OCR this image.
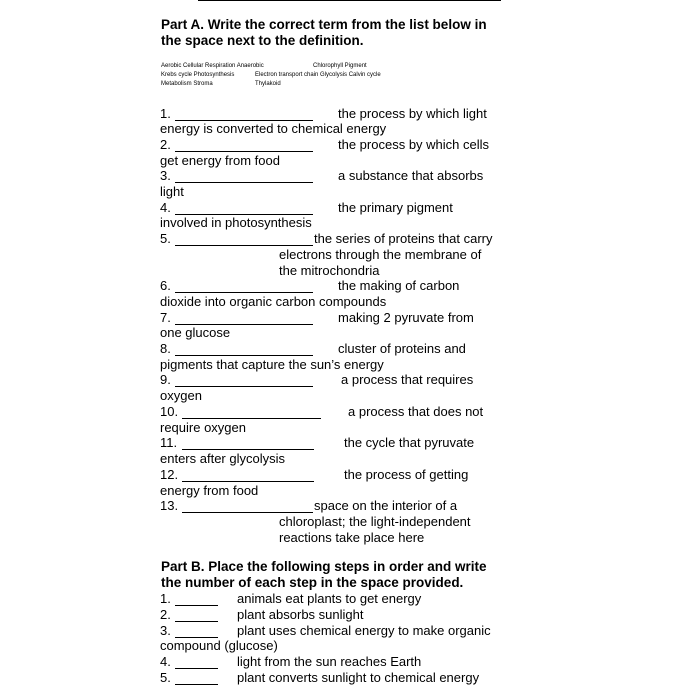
Part A. Write the correct term from the list below in
the space next to the definition.
Aerobic Cellular Respiration Anaerobic	Chlorophyll Pigment
Krebs cycle Photosynthesis	Electron transport chain Glycolysis Calvin cycle
Metabolism Stroma	Thylakoid
1.	the process by which light
energy is converted to chemical energy
2.	the process by which cells
get energy from food
3.	a substance that absorbs
light
4.	the primary pigment
involved in photosynthesis
5.	the series of proteins that carry
electrons through the membrane of
the mitrochondria
6.	the making of carbon
dioxide into organic carbon compounds
7.	making 2 pyruvate from
one glucose
8.	cluster of proteins and
pigments that capture the sun’s energy
9.	a process that requires
oxygen
10.	a process that does not
require oxygen
11.	the cycle that pyruvate
enters after glycolysis
12.	the process of getting
energy from food
13.	space on the interior of a
chloroplast; the light-independent
reactions take place here
Part B. Place the following steps in order and write
the number of each step in the space provided.
1.	animals eat plants to get energy
2.	plant absorbs sunlight
3.	plant uses chemical energy to make organic
compound (glucose)
4.	light from the sun reaches Earth
5.	plant converts sunlight to chemical energy
